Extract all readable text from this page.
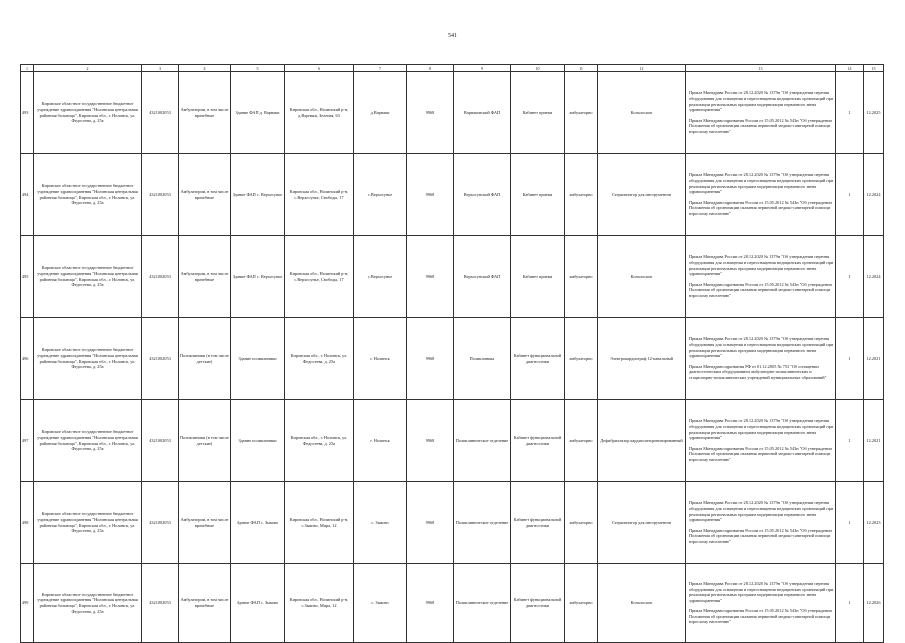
541
1	2	3	4	5	6	7	8	9	10	11	12	13	14	15
493	Кировское областное государственное бюджетное учреждение здравоохранения "Нолинская центральная районная больница", Кировская обл., г. Нолинск, ул. Федосеева, д. 25а	4321002053	Амбулатории, в том числе врачебные	Здание ФАП д. Варнаки	Кировская обл., Нолинский р-н, д.Варнаки, Зеленая, 63	д.Варнаки	9968	Варнаковский ФАП	Кабинет приема	амбулаторно	Кольпоскоп	Приказ Минздрава России от 28.12.2020 № 1379н "Об утверждении перечня оборудования для оснащения и переоснащения медицинских организаций при реализации региональных программ модернизации первичного звена здравоохранения"
Приказ Минздравсоцразвития России от 15.05.2012 № 543н "Об утверждении Положения об организации оказания первичной медико-санитарной помощи взрослому населению"	1	12.2025
494	Кировское областное государственное бюджетное учреждение здравоохранения "Нолинская центральная районная больница", Кировская обл., г. Нолинск, ул. Федосеева, д. 25а	4321002053	Амбулатории, в том числе врачебные	Здание ФАП с. Верхосунье	Кировская обл., Нолинский р-н, с.Верхосунье, Свободы, 17	с.Верхосунье	9968	Верхосунский ФАП	Кабинет приема	амбулаторно	Стерилизатор для инструментов	Приказ Минздрава России от 28.12.2020 № 1379н "Об утверждении перечня оборудования для оснащения и переоснащения медицинских организаций при реализации региональных программ модернизации первичного звена здравоохранения"
Приказ Минздравсоцразвития России от 15.05.2012 № 543н "Об утверждении Положения об организации оказания первичной медико-санитарной помощи взрослому населению"	1	12.2024
495	Кировское областное государственное бюджетное учреждение здравоохранения "Нолинская центральная районная больница", Кировская обл., г. Нолинск, ул. Федосеева, д. 25а	4321002053	Амбулатории, в том числе врачебные	Здание ФАП с. Верхосунье	Кировская обл., Нолинский р-н, с.Верхосунье, Свободы, 17	с.Верхосунье	9968	Верхосунский ФАП	Кабинет приема	амбулаторно	Кольпоскоп	Приказ Минздрава России от 28.12.2020 № 1379н "Об утверждении перечня оборудования для оснащения и переоснащения медицинских организаций при реализации региональных программ модернизации первичного звена здравоохранения"
Приказ Минздравсоцразвития России от 15.05.2012 № 543н "Об утверждении Положения об организации оказания первичной медико-санитарной помощи взрослому населению"	1	12.2024
496	Кировское областное государственное бюджетное учреждение здравоохранения "Нолинская центральная районная больница", Кировская обл., г. Нолинск, ул. Федосеева, д. 25а	4321002053	Поликлиники (в том числе детские)	Здание поликлиники	Кировская обл., г. Нолинск, ул. Федосеева, д. 25а	г. Нолинск	9968	Поликлиника	Кабинет функциональной диагностики	амбулаторно	Электрокардиограф 12-канальный	Приказ Минздрава России от 28.12.2020 № 1379н "Об утверждении перечня оборудования для оснащения и переоснащения медицинских организаций при реализации региональных программ модернизации первичного звена здравоохранения"
Приказ Минздравсоцразвития РФ от 01.12.2005 № 753 "Об оснащении диагностическим оборудованием амбулаторно-поликлинических и стационарно-поликлинических учреждений муниципальных образований"	1	12.2021
497	Кировское областное государственное бюджетное учреждение здравоохранения "Нолинская центральная районная больница", Кировская обл., г. Нолинск, ул. Федосеева, д. 25а	4321002053	Поликлиники (в том числе детские)	Здание поликлиники	Кировская обл., г. Нолинск, ул. Федосеева, д. 25а	г. Нолинск	9968	Поликлиническое отделение	Кабинет функциональной диагностики	амбулаторно	Дефибриллятор кардиосинхронизированный	Приказ Минздрава России от 28.12.2020 № 1379н "Об утверждении перечня оборудования для оснащения и переоснащения медицинских организаций при реализации региональных программ модернизации первичного звена здравоохранения"
Приказ Минздравсоцразвития России от 15.05.2012 № 543н "Об утверждении Положения об организации оказания первичной медико-санитарной помощи взрослому населению"	1	12.2021
498	Кировское областное государственное бюджетное учреждение здравоохранения "Нолинская центральная районная больница", Кировская обл., г. Нолинск, ул. Федосеева, д. 25а	4321002053	Амбулатории, в том числе врачебные	Здание ФАП с. Зыково	Кировская обл., Нолинский р-н, с.Зыково, Мира, 12	с. Зыково	9968	Поликлиническое отделение	Кабинет функциональной диагностики	амбулаторно	Стерилизатор для инструментов	Приказ Минздрава России от 28.12.2020 № 1379н "Об утверждении перечня оборудования для оснащения и переоснащения медицинских организаций при реализации региональных программ модернизации первичного звена здравоохранения"
Приказ Минздравсоцразвития России от 15.05.2012 № 543н "Об утверждении Положения об организации оказания первичной медико-санитарной помощи взрослому населению"	1	12.2023
499	Кировское областное государственное бюджетное учреждение здравоохранения "Нолинская центральная районная больница", Кировская обл., г. Нолинск, ул. Федосеева, д. 25а	4321002053	Амбулатории, в том числе врачебные	Здание ФАП с. Зыково	Кировская обл., Нолинский р-н, с.Зыково, Мира, 12	с. Зыково	9968	Поликлиническое отделение	Кабинет функциональной диагностики	амбулаторно	Кольпоскоп	Приказ Минздрава России от 28.12.2020 № 1379н "Об утверждении перечня оборудования для оснащения и переоснащения медицинских организаций при реализации региональных программ модернизации первичного звена здравоохранения"
Приказ Минздравсоцразвития России от 15.05.2012 № 543н "Об утверждении Положения об организации оказания первичной медико-санитарной помощи взрослому населению"	1	12.2026
